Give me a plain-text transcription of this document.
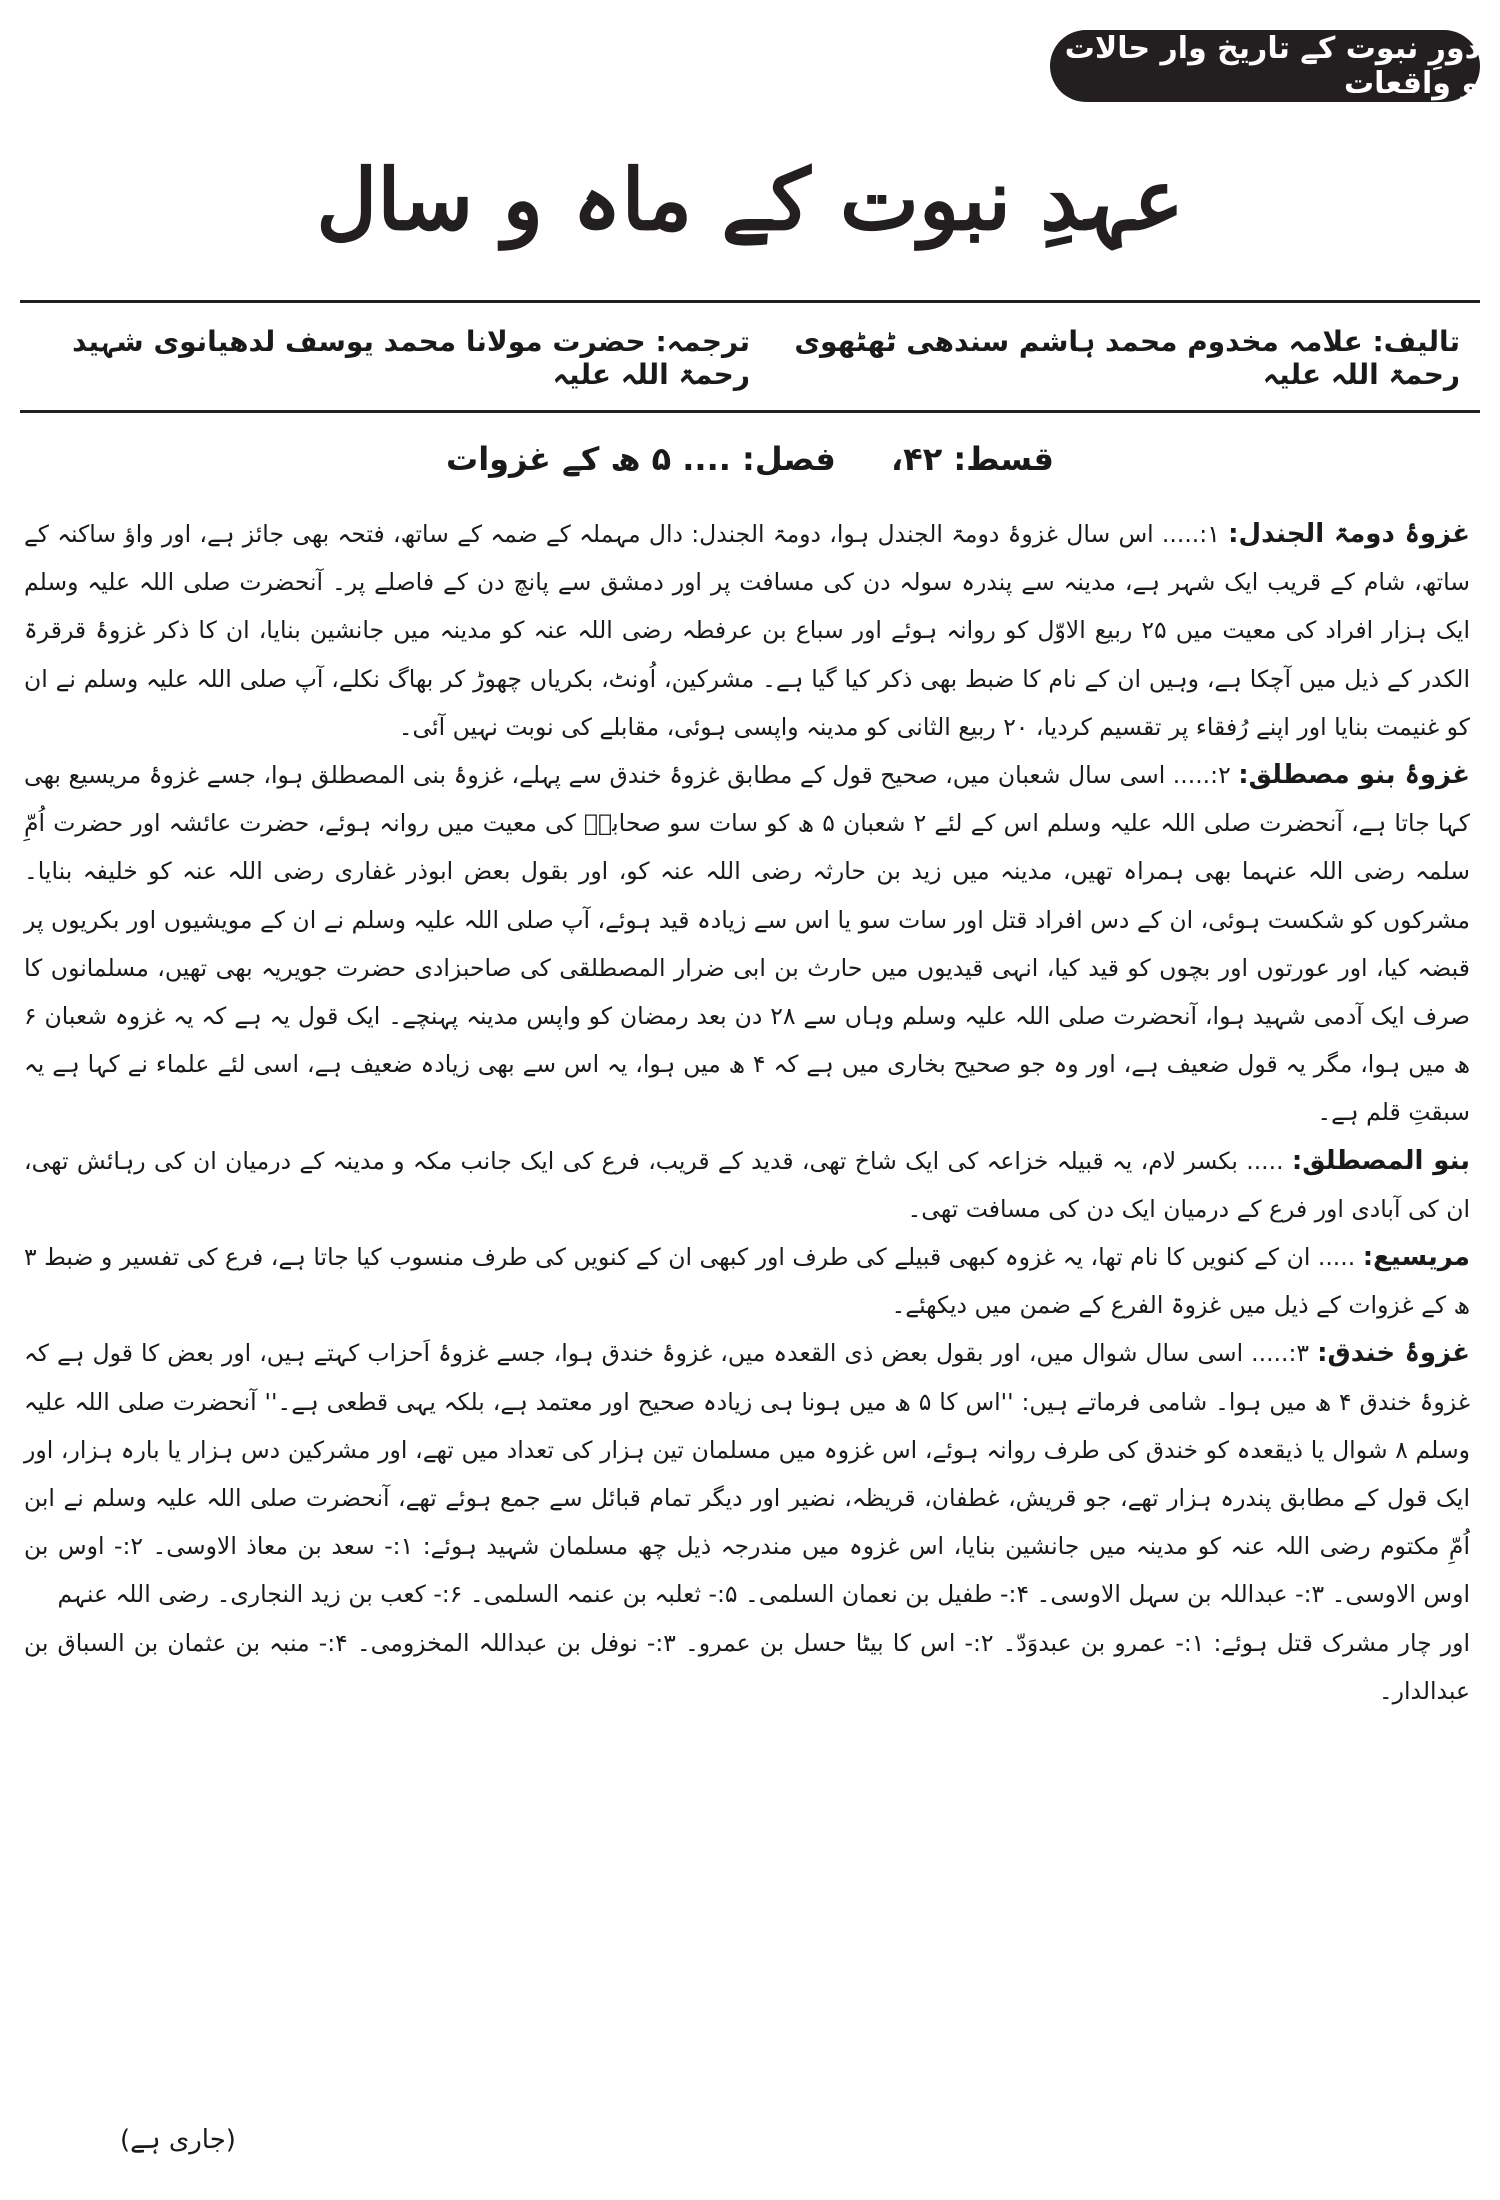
دورِ نبوت کے تاریخ وار حالات و واقعات
عہدِ نبوت کے ماہ و سال
تالیف: علامہ مخدوم محمد ہاشم سندھی ٹھٹھوی رحمۃ اللہ علیہ
ترجمہ: حضرت مولانا محمد یوسف لدھیانوی شہید رحمۃ اللہ علیہ
قسط: ۴۲، فصل: .... ۵ ھ کے غزوات

غزوۂ دومۃ الجندل: ۱:..... اس سال غزوۂ دومۃ الجندل ہوا، دومۃ الجندل: دال مہملہ کے ضمہ کے ساتھ، فتحہ بھی جائز ہے، اور واؤ ساکنہ کے ساتھ، شام کے قریب ایک شہر ہے، مدینہ سے پندرہ سولہ دن کی مسافت پر اور دمشق سے پانچ دن کے فاصلے پر۔ آنحضرت صلی اللہ علیہ وسلم ایک ہزار افراد کی معیت میں ۲۵ ربیع الاوّل کو روانہ ہوئے اور سباع بن عرفطہ رضی اللہ عنہ کو مدینہ میں جانشین بنایا، ان کا ذکر غزوۂ قرقرۃ الکدر کے ذیل میں آچکا ہے، وہیں ان کے نام کا ضبط بھی ذکر کیا گیا ہے۔ مشرکین، اُونٹ، بکریاں چھوڑ کر بھاگ نکلے، آپ صلی اللہ علیہ وسلم نے ان کو غنیمت بنایا اور اپنے رُفقاء پر تقسیم کردیا، ۲۰ ربیع الثانی کو مدینہ واپسی ہوئی، مقابلے کی نوبت نہیں آئی۔

غزوۂ بنو مصطلق: ۲:..... اسی سال شعبان میں، صحیح قول کے مطابق غزوۂ خندق سے پہلے، غزوۂ بنی المصطلق ہوا، جسے غزوۂ مریسیع بھی کہا جاتا ہے، آنحضرت صلی اللہ علیہ وسلم اس کے لئے ۲ شعبان ۵ ھ کو سات سو صحابہؓ کی معیت میں روانہ ہوئے، حضرت عائشہ اور حضرت اُمِّ سلمہ رضی اللہ عنہما بھی ہمراہ تھیں، مدینہ میں زید بن حارثہ رضی اللہ عنہ کو، اور بقول بعض ابوذر غفاری رضی اللہ عنہ کو خلیفہ بنایا۔ مشرکوں کو شکست ہوئی، ان کے دس افراد قتل اور سات سو یا اس سے زیادہ قید ہوئے، آپ صلی اللہ علیہ وسلم نے ان کے مویشیوں اور بکریوں پر قبضہ کیا، اور عورتوں اور بچوں کو قید کیا، انہی قیدیوں میں حارث بن ابی ضرار المصطلقی کی صاحبزادی حضرت جویریہ بھی تھیں، مسلمانوں کا صرف ایک آدمی شہید ہوا، آنحضرت صلی اللہ علیہ وسلم وہاں سے ۲۸ دن بعد رمضان کو واپس مدینہ پہنچے۔ ایک قول یہ ہے کہ یہ غزوہ شعبان ۶ ھ میں ہوا، مگر یہ قول ضعیف ہے، اور وہ جو صحیح بخاری میں ہے کہ ۴ ھ میں ہوا، یہ اس سے بھی زیادہ ضعیف ہے، اسی لئے علماء نے کہا ہے یہ سبقتِ قلم ہے۔

بنو المصطلق: ..... بکسر لام، یہ قبیلہ خزاعہ کی ایک شاخ تھی، قدید کے قریب، فرع کی ایک جانب مکہ و مدینہ کے درمیان ان کی رہائش تھی، ان کی آبادی اور فرع کے درمیان ایک دن کی مسافت تھی۔

مریسیع: ..... ان کے کنویں کا نام تھا، یہ غزوہ کبھی قبیلے کی طرف اور کبھی ان کے کنویں کی طرف منسوب کیا جاتا ہے، فرع کی تفسیر و ضبط ۳ ھ کے غزوات کے ذیل میں غزوۃ الفرع کے ضمن میں دیکھئے۔

غزوۂ خندق: ۳:..... اسی سال شوال میں، اور بقول بعض ذی القعدہ میں، غزوۂ خندق ہوا، جسے غزوۂ اَحزاب کہتے ہیں، اور بعض کا قول ہے کہ غزوۂ خندق ۴ ھ میں ہوا۔ شامی فرماتے ہیں: ''اس کا ۵ ھ میں ہونا ہی زیادہ صحیح اور معتمد ہے، بلکہ یہی قطعی ہے۔'' آنحضرت صلی اللہ علیہ وسلم ۸ شوال یا ذیقعدہ کو خندق کی طرف روانہ ہوئے، اس غزوہ میں مسلمان تین ہزار کی تعداد میں تھے، اور مشرکین دس ہزار یا بارہ ہزار، اور ایک قول کے مطابق پندرہ ہزار تھے، جو قریش، غطفان، قریظہ، نضیر اور دیگر تمام قبائل سے جمع ہوئے تھے، آنحضرت صلی اللہ علیہ وسلم نے ابن اُمِّ مکتوم رضی اللہ عنہ کو مدینہ میں جانشین بنایا، اس غزوہ میں مندرجہ ذیل چھ مسلمان شہید ہوئے: ۱:- سعد بن معاذ الاوسی۔ ۲:- اوس بن اوس الاوسی۔ ۳:- عبداللہ بن سہل الاوسی۔ ۴:- طفیل بن نعمان السلمی۔ ۵:- ثعلبہ بن عنمہ السلمی۔ ۶:- کعب بن زید النجاری۔ رضی اللہ عنہم

اور چار مشرک قتل ہوئے: ۱:- عمرو بن عبدوَدّ۔ ۲:- اس کا بیٹا حسل بن عمرو۔ ۳:- نوفل بن عبداللہ المخزومی۔ ۴:- منبہ بن عثمان بن السباق بن عبدالدار۔

(جاری ہے)
